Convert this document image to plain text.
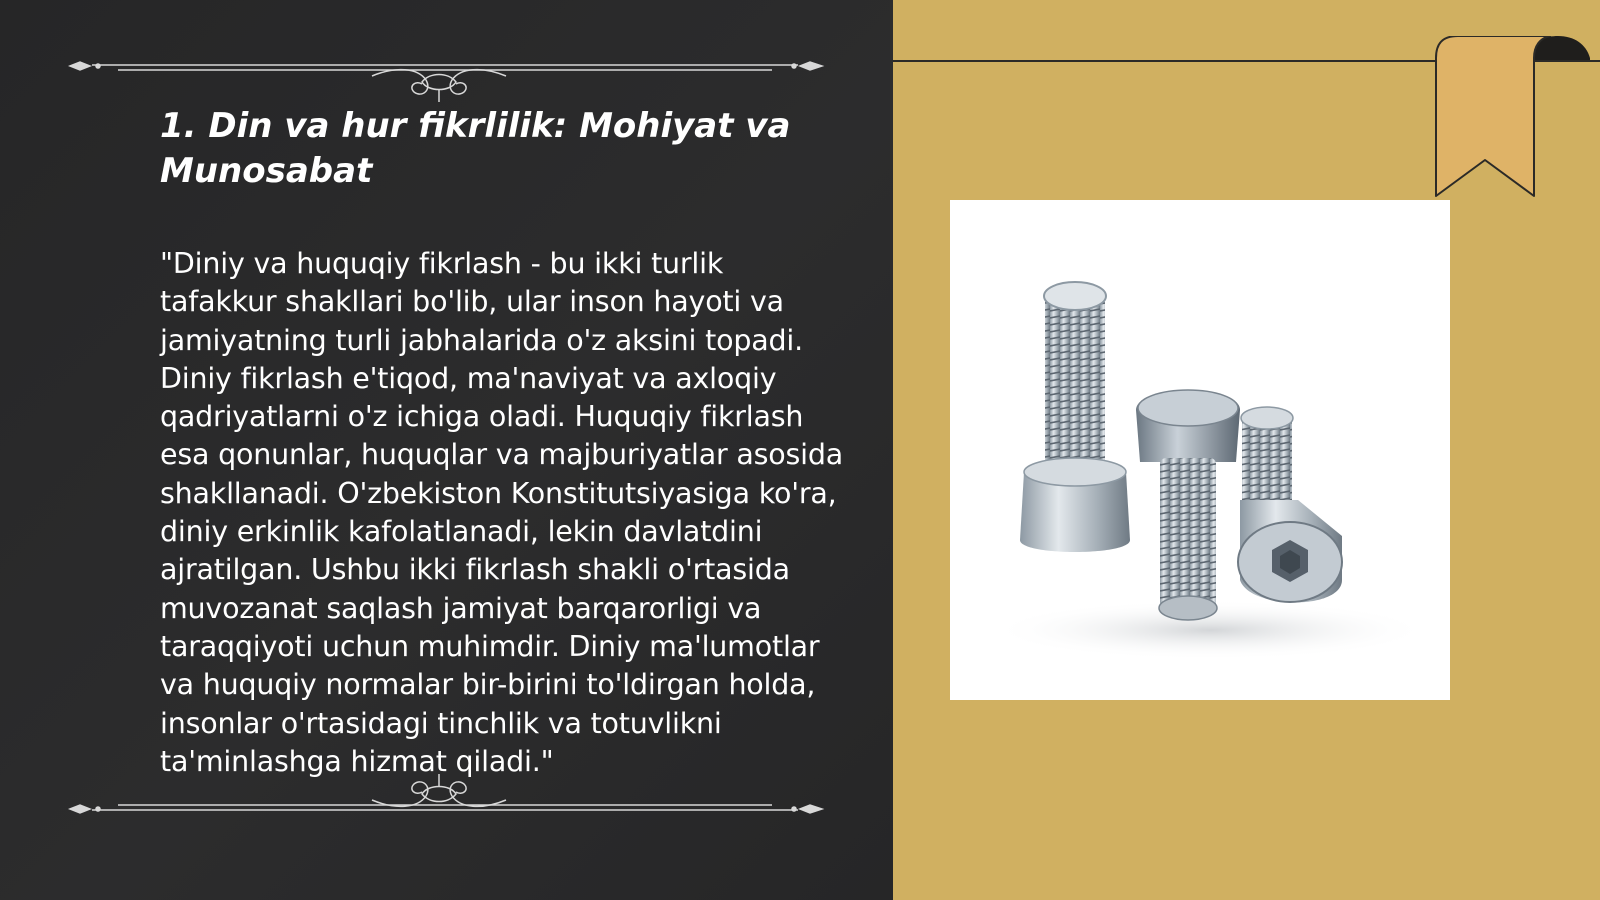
1. Din va hur fikrlilik: Mohiyat va Munosabat

"Diniy va huquqiy fikrlash - bu ikki turlik tafakkur shakllari bo'lib, ular inson hayoti va jamiyatning turli jabhalarida o'z aksini topadi. Diniy fikrlash e'tiqod, ma'naviyat va axloqiy qadriyatlarni o'z ichiga oladi. Huquqiy fikrlash esa qonunlar, huquqlar va majburiyatlar asosida shakllanadi. O'zbekiston Konstitutsiyasiga ko'ra, diniy erkinlik kafolatlanadi, lekin davlatdini ajratilgan. Ushbu ikki fikrlash shakli o'rtasida muvozanat saqlash jamiyat barqarorligi va taraqqiyoti uchun muhimdir. Diniy ma'lumotlar va huquqiy normalar bir-birini to'ldirgan holda, insonlar o'rtasidagi tinchlik va totuvlikni ta'minlashga hizmat qiladi."
